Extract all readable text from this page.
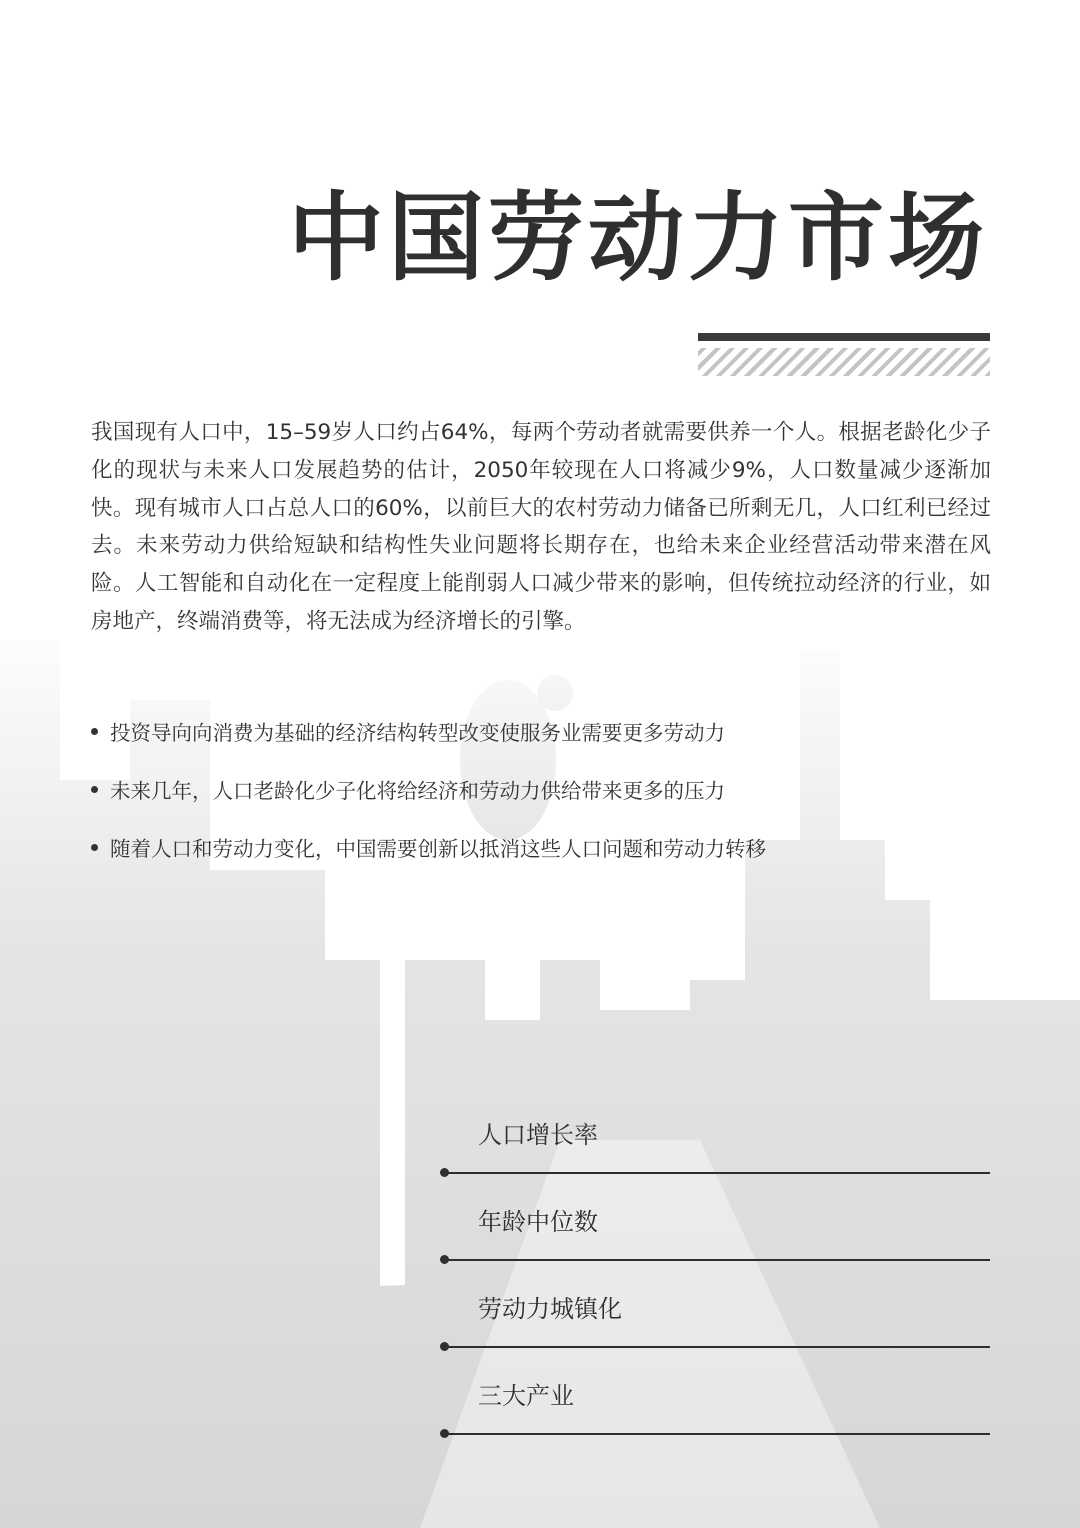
中国劳动力市场

我国现有人口中，15–59岁人口约占64%，每两个劳动者就需要供养一个人。根据老龄化少子化的现状与未来人口发展趋势的估计，2050年较现在人口将减少9%，人口数量减少逐渐加快。现有城市人口占总人口的60%，以前巨大的农村劳动力储备已所剩无几，人口红利已经过去。未来劳动力供给短缺和结构性失业问题将长期存在，也给未来企业经营活动带来潜在风险。人工智能和自动化在一定程度上能削弱人口减少带来的影响，但传统拉动经济的行业，如房地产，终端消费等，将无法成为经济增长的引擎。

投资导向向消费为基础的经济结构转型改变使服务业需要更多劳动力
未来几年，人口老龄化少子化将给经济和劳动力供给带来更多的压力
随着人口和劳动力变化，中国需要创新以抵消这些人口问题和劳动力转移
人口增长率
年龄中位数
劳动力城镇化
三大产业
